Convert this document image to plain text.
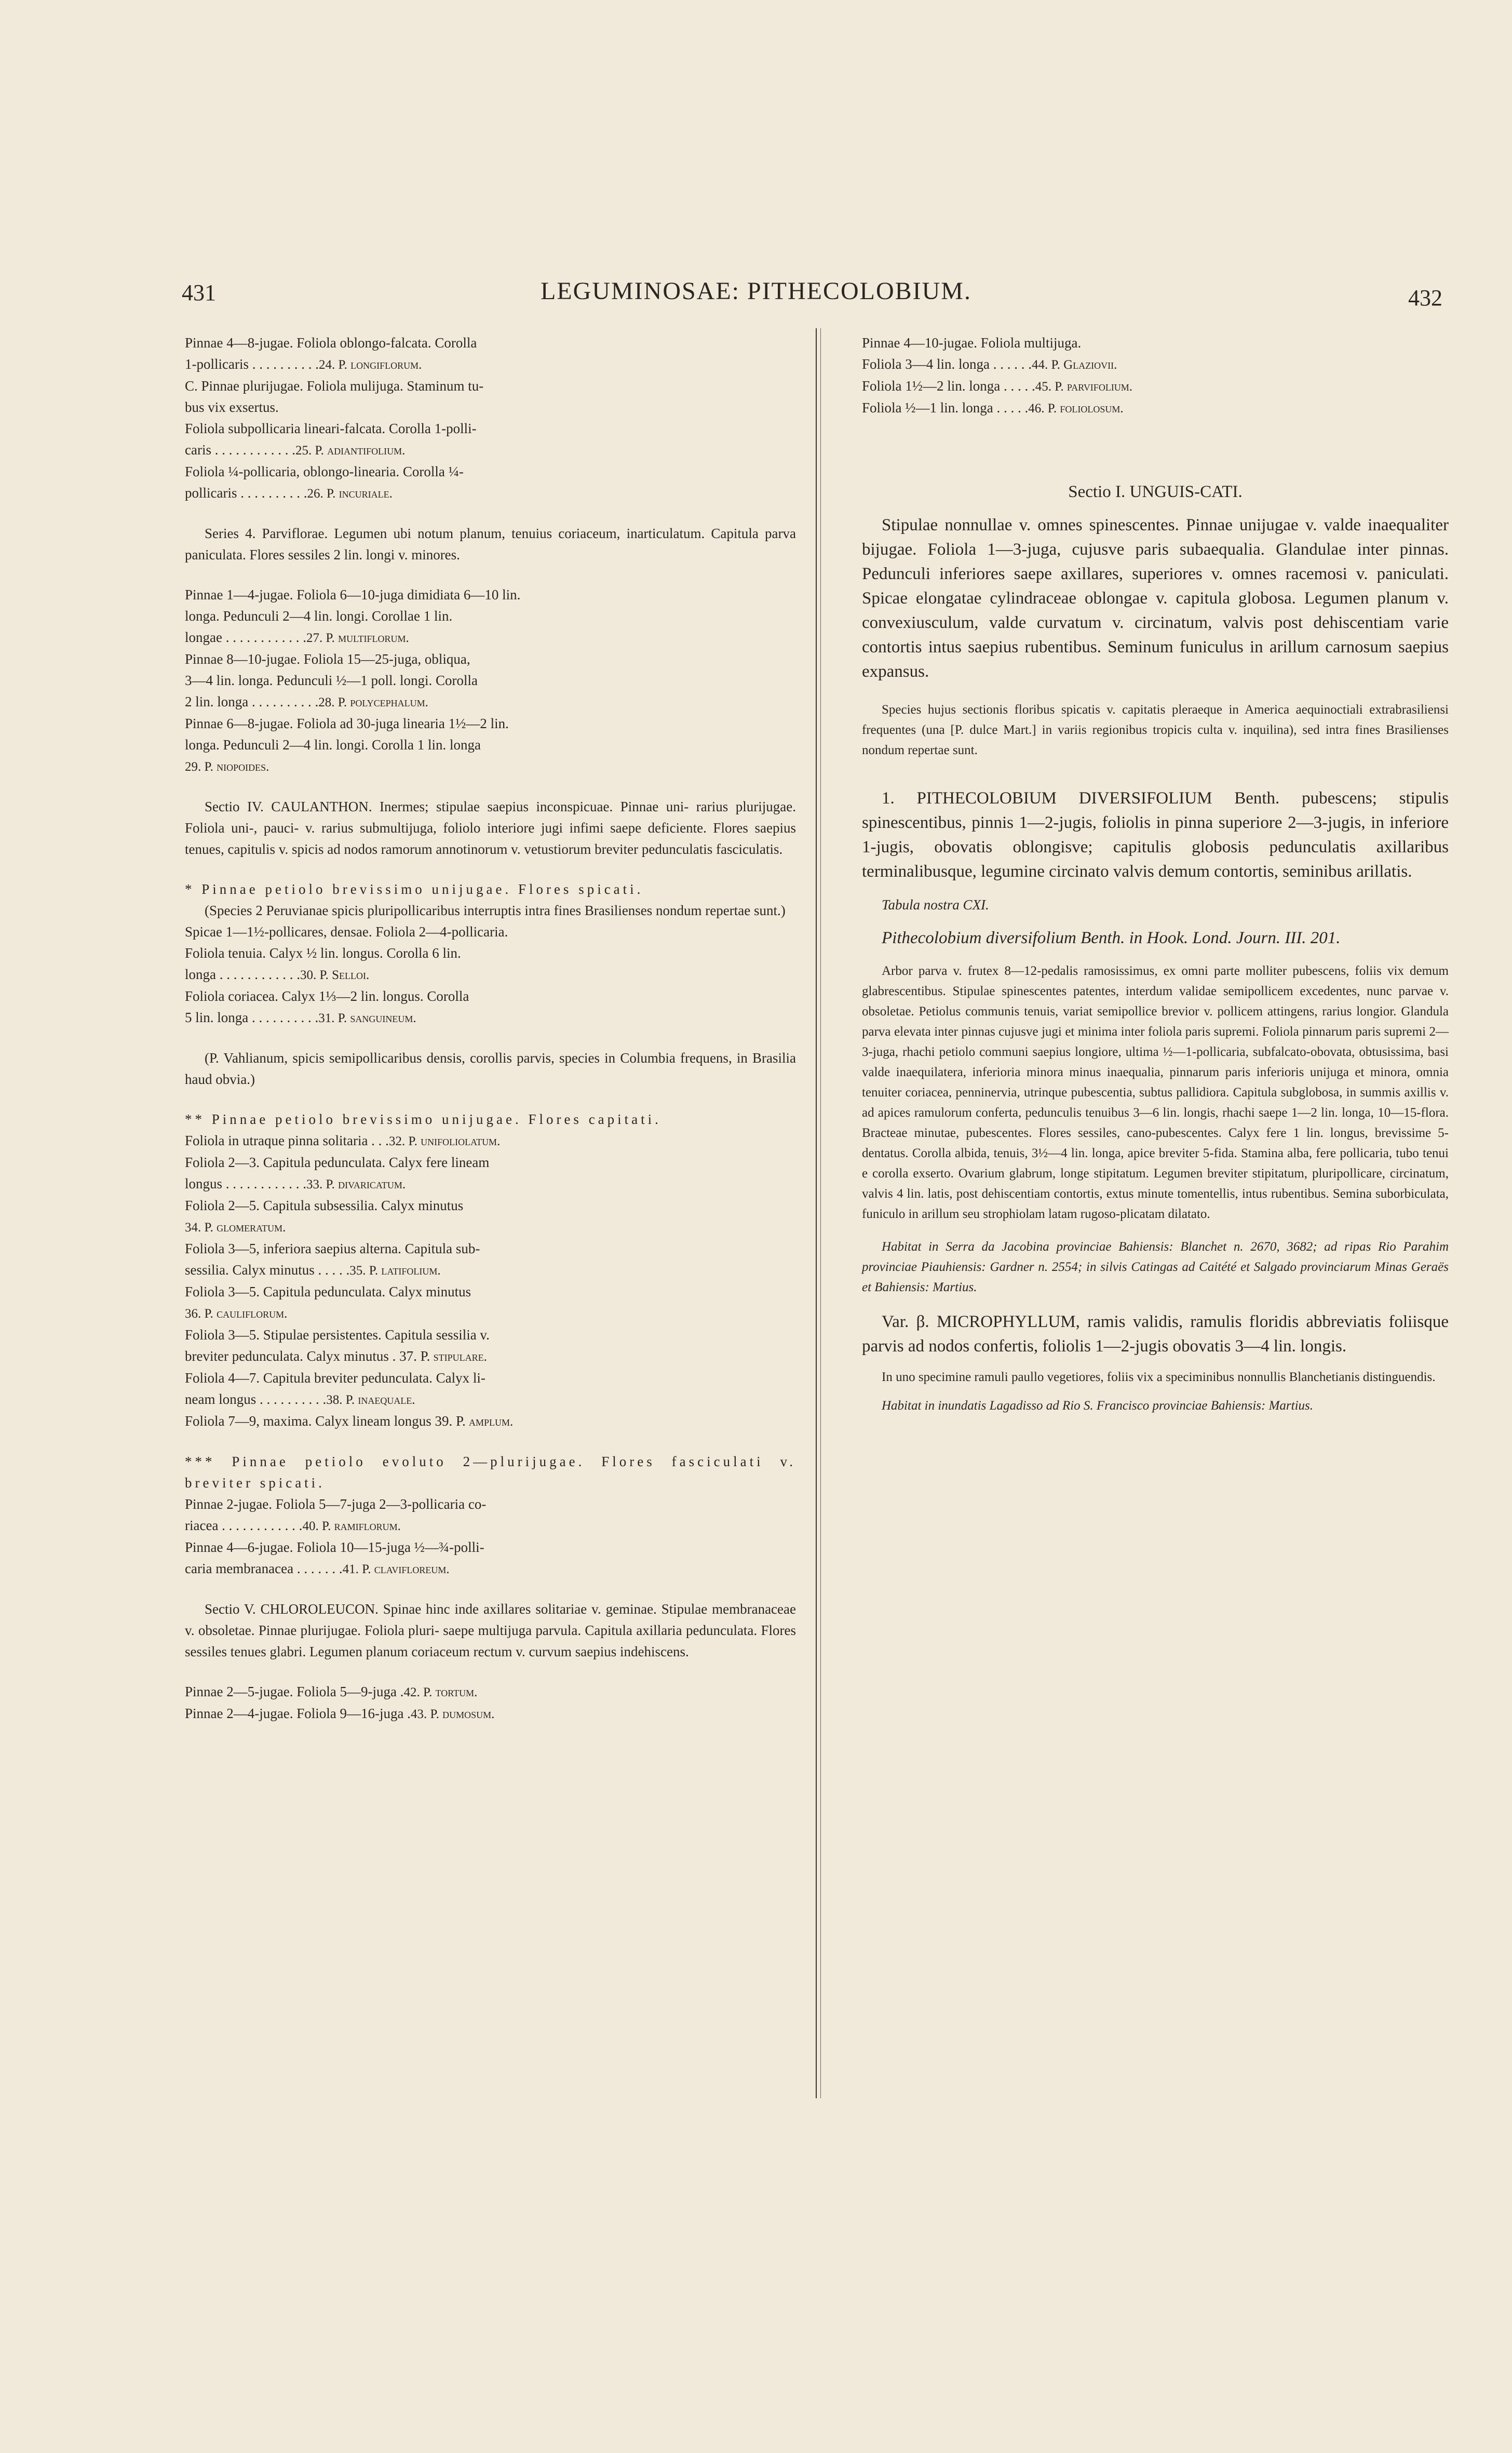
431	LEGUMINOSAE: PITHECOLOBIUM.	432
Pinnae 4—8-jugae. Foliola oblongo-falcata. Corolla
1-pollicaris . . . . . . . . . .24. P. longiflorum.
C. Pinnae plurijugae. Foliola mulijuga. Staminum tu-
bus vix exsertus.
Foliola subpollicaria lineari-falcata. Corolla 1-polli-
caris . . . . . . . . . . . .25. P. adiantifolium.
Foliola ¼-pollicaria, oblongo-linearia. Corolla ¼-
pollicaris . . . . . . . . . .26. P. incuriale.

Series 4. Parviflorae. Legumen ubi notum planum, tenuius coriaceum, inarticulatum. Capitula parva paniculata. Flores sessiles 2 lin. longi v. minores.

Pinnae 1—4-jugae. Foliola 6—10-juga dimidiata 6—10 lin.
longa. Pedunculi 2—4 lin. longi. Corollae 1 lin.
longae . . . . . . . . . . . .27. P. multiflorum.
Pinnae 8—10-jugae. Foliola 15—25-juga, obliqua,
3—4 lin. longa. Pedunculi ½—1 poll. longi. Corolla
2 lin. longa . . . . . . . . . .28. P. polycephalum.
Pinnae 6—8-jugae. Foliola ad 30-juga linearia 1½—2 lin.
longa. Pedunculi 2—4 lin. longi. Corolla 1 lin. longa
29. P. niopoides.

Sectio IV. CAULANTHON. Inermes; stipulae saepius inconspicuae. Pinnae uni- rarius plurijugae. Foliola uni-, pauci- v. rarius submultijuga, foliolo interiore jugi infimi saepe deficiente. Flores saepius tenues, capitulis v. spicis ad nodos ramorum annotinorum v. vetustiorum breviter pedunculatis fasciculatis.

* Pinnae petiolo brevissimo unijugae. Flores spicati.

(Species 2 Peruvianae spicis pluripollicaribus interruptis intra fines Brasilienses nondum repertae sunt.)

Spicae 1—1½-pollicares, densae. Foliola 2—4-pollicaria.
Foliola tenuia. Calyx ½ lin. longus. Corolla 6 lin.
longa . . . . . . . . . . . .30. P. Selloi.
Foliola coriacea. Calyx 1⅓—2 lin. longus. Corolla
5 lin. longa . . . . . . . . . .31. P. sanguineum.

(P. Vahlianum, spicis semipollicaribus densis, corollis parvis, species in Columbia frequens, in Brasilia haud obvia.)

** Pinnae petiolo brevissimo unijugae. Flores capitati.

Foliola in utraque pinna solitaria . . .32. P. unifoliolatum.
Foliola 2—3. Capitula pedunculata. Calyx fere lineam
longus . . . . . . . . . . . .33. P. divaricatum.
Foliola 2—5. Capitula subsessilia. Calyx minutus
34. P. glomeratum.
Foliola 3—5, inferiora saepius alterna. Capitula sub-
sessilia. Calyx minutus . . . . .35. P. latifolium.
Foliola 3—5. Capitula pedunculata. Calyx minutus
36. P. cauliflorum.
Foliola 3—5. Stipulae persistentes. Capitula sessilia v.
breviter pedunculata. Calyx minutus . 37. P. stipulare.
Foliola 4—7. Capitula breviter pedunculata. Calyx li-
neam longus . . . . . . . . . .38. P. inaequale.
Foliola 7—9, maxima. Calyx lineam longus 39. P. amplum.

*** Pinnae petiolo evoluto 2—plurijugae. Flores fasciculati v. breviter spicati.

Pinnae 2-jugae. Foliola 5—7-juga 2—3-pollicaria co-
riacea . . . . . . . . . . . .40. P. ramiflorum.
Pinnae 4—6-jugae. Foliola 10—15-juga ½—¾-polli-
caria membranacea . . . . . . .41. P. clavifloreum.

Sectio V. CHLOROLEUCON. Spinae hinc inde axillares solitariae v. geminae. Stipulae membranaceae v. obsoletae. Pinnae plurijugae. Foliola pluri- saepe multijuga parvula. Capitula axillaria pedunculata. Flores sessiles tenues glabri. Legumen planum coriaceum rectum v. curvum saepius indehiscens.

Pinnae 2—5-jugae. Foliola 5—9-juga .42. P. tortum.
Pinnae 2—4-jugae. Foliola 9—16-juga .43. P. dumosum.
Pinnae 4—10-jugae. Foliola multijuga.
Foliola 3—4 lin. longa . . . . . .44. P. Glaziovii.
Foliola 1½—2 lin. longa . . . . .45. P. parvifolium.
Foliola ½—1 lin. longa . . . . .46. P. foliolosum.

Sectio I. UNGUIS-CATI.

Stipulae nonnullae v. omnes spinescentes. Pinnae unijugae v. valde inaequaliter bijugae. Foliola 1—3-juga, cujusve paris subaequalia. Glandulae inter pinnas. Pedunculi inferiores saepe axillares, superiores v. omnes racemosi v. paniculati. Spicae elongatae cylindraceae oblongae v. capitula globosa. Legumen planum v. convexiusculum, valde curvatum v. circinatum, valvis post dehiscentiam varie contortis intus saepius rubentibus. Seminum funiculus in arillum carnosum saepius expansus.

Species hujus sectionis floribus spicatis v. capitatis pleraeque in America aequinoctiali extrabrasiliensi frequentes (una [P. dulce Mart.] in variis regionibus tropicis culta v. inquilina), sed intra fines Brasilienses nondum repertae sunt.

1. PITHECOLOBIUM DIVERSIFOLIUM Benth. pubescens; stipulis spinescentibus, pinnis 1—2-jugis, foliolis in pinna superiore 2—3-jugis, in inferiore 1-jugis, obovatis oblongisve; capitulis globosis pedunculatis axillaribus terminalibusque, legumine circinato valvis demum contortis, seminibus arillatis.

Tabula nostra CXI.

Pithecolobium diversifolium Benth. in Hook. Lond. Journ. III. 201.

Arbor parva v. frutex 8—12-pedalis ramosissimus, ex omni parte molliter pubescens, foliis vix demum glabrescentibus. Stipulae spinescentes patentes, interdum validae semipollicem excedentes, nunc parvae v. obsoletae. Petiolus communis tenuis, variat semipollice brevior v. pollicem attingens, rarius longior. Glandula parva elevata inter pinnas cujusve jugi et minima inter foliola paris supremi. Foliola pinnarum paris supremi 2—3-juga, rhachi petiolo communi saepius longiore, ultima ½—1-pollicaria, subfalcato-obovata, obtusissima, basi valde inaequilatera, inferioria minora minus inaequalia, pinnarum paris inferioris unijuga et minora, omnia tenuiter coriacea, penninervia, utrinque pubescentia, subtus pallidiora. Capitula subglobosa, in summis axillis v. ad apices ramulorum conferta, pedunculis tenuibus 3—6 lin. longis, rhachi saepe 1—2 lin. longa, 10—15-flora. Bracteae minutae, pubescentes. Flores sessiles, cano-pubescentes. Calyx fere 1 lin. longus, brevissime 5-dentatus. Corolla albida, tenuis, 3½—4 lin. longa, apice breviter 5-fida. Stamina alba, fere pollicaria, tubo tenui e corolla exserto. Ovarium glabrum, longe stipitatum. Legumen breviter stipitatum, pluripollicare, circinatum, valvis 4 lin. latis, post dehiscentiam contortis, extus minute tomentellis, intus rubentibus. Semina suborbiculata, funiculo in arillum seu strophiolam latam rugoso-plicatam dilatato.

Habitat in Serra da Jacobina provinciae Bahiensis: Blanchet n. 2670, 3682; ad ripas Rio Parahim provinciae Piauhiensis: Gardner n. 2554; in silvis Catingas ad Caitété et Salgado provinciarum Minas Geraës et Bahiensis: Martius.

Var. β. MICROPHYLLUM, ramis validis, ramulis floridis abbreviatis foliisque parvis ad nodos confertis, foliolis 1—2-jugis obovatis 3—4 lin. longis.

In uno specimine ramuli paullo vegetiores, foliis vix a speciminibus nonnullis Blanchetianis distinguendis.

Habitat in inundatis Lagadisso ad Rio S. Francisco provinciae Bahiensis: Martius.
